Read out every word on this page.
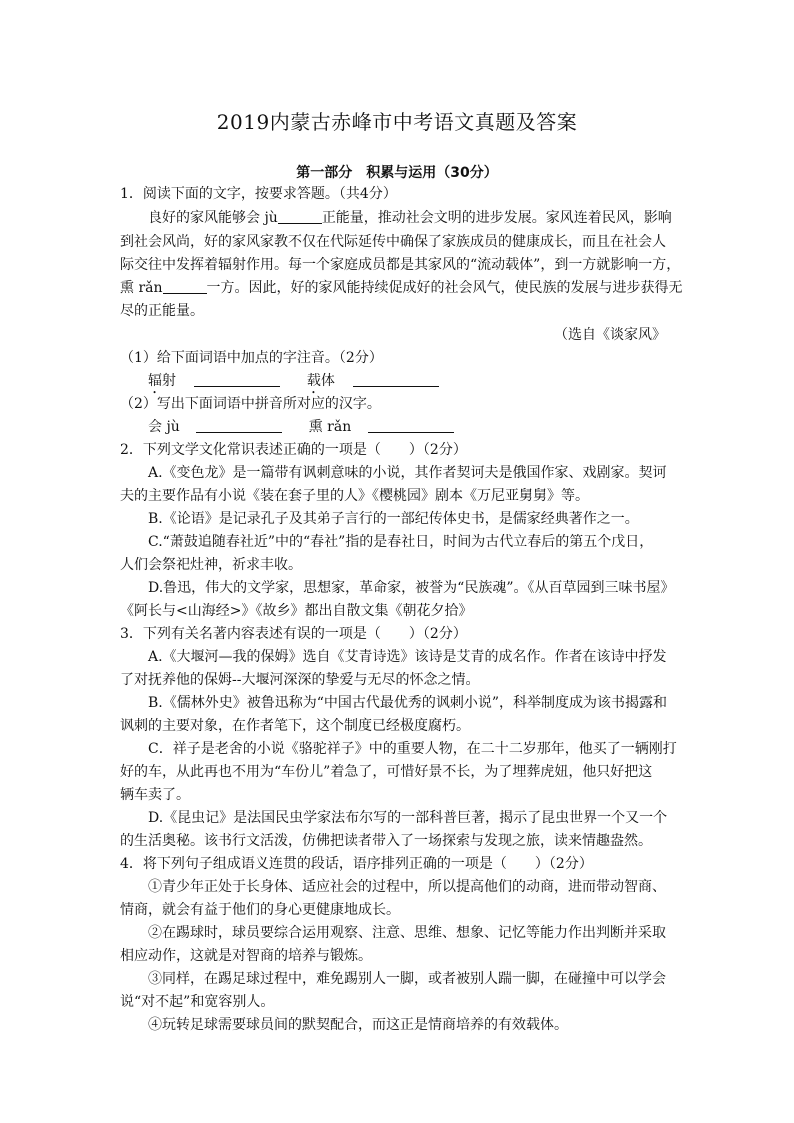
2019内蒙古赤峰市中考语文真题及答案
第一部分　积累与运用（30分）
1．阅读下面的文字，按要求答题。（共4分）
良好的家风能够会 jù	正能量，推动社会文明的进步发展。家风连着民风，影响
到社会风尚，好的家风家教不仅在代际延传中确保了家族成员的健康成长，而且在社会人
际交往中发挥着辐射作用。每一个家庭成员都是其家风的“流动载体”，到一方就影响一方，
熏 rǎn	一方。因此，好的家风能持续促成好的社会风气，使民族的发展与进步获得无
尽的正能量。
（选自《谈家风》
（1）给下面词语中加点的字注音。（2分）
辐射	载体
（2）写出下面词语中拼音所对应的汉字。
会 jù	熏 rǎn
2．下列文学文化常识表述正确的一项是（　　）（2分）
A.《变色龙》是一篇带有讽刺意味的小说，其作者契诃夫是俄国作家、戏剧家。契诃
夫的主要作品有小说《装在套子里的人》《樱桃园》剧本《万尼亚舅舅》等。
B.《论语》是记录孔子及其弟子言行的一部纪传体史书，是儒家经典著作之一。
C.“萧鼓追随春社近”中的“春社”指的是春社日，时间为古代立春后的第五个戊日，
人们会祭祀灶神，祈求丰收。
D.鲁迅，伟大的文学家，思想家，革命家，被誉为“民族魂”。《从百草园到三味书屋》
《阿长与<山海经>》《故乡》都出自散文集《朝花夕拾》
3．下列有关名著内容表述有误的一项是（　　）（2分）
A.《大堰河—我的保姆》选自《艾青诗选》该诗是艾青的成名作。作者在该诗中抒发
了对抚养他的保姆--大堰河深深的挚爱与无尽的怀念之情。
B.《儒林外史》被鲁迅称为“中国古代最优秀的讽刺小说”，科举制度成为该书揭露和
讽刺的主要对象，在作者笔下，这个制度已经极度腐朽。
C．祥子是老舍的小说《骆驼祥子》中的重要人物，在二十二岁那年，他买了一辆刚打
好的车，从此再也不用为“车份儿”着急了，可惜好景不长，为了埋葬虎妞，他只好把这
辆车卖了。
D.《昆虫记》是法国民虫学家法布尔写的一部科普巨著，揭示了昆虫世界一个又一个
的生活奥秘。该书行文活泼，仿佛把读者带入了一场探索与发现之旅，读来情趣盎然。
4．将下列句子组成语义连贯的段话，语序排列正确的一项是（　　）（2分）
①青少年正处于长身体、适应社会的过程中，所以提高他们的动商，进而带动智商、
情商，就会有益于他们的身心更健康地成长。
②在踢球时，球员要综合运用观察、注意、思维、想象、记忆等能力作出判断并采取
相应动作，这就是对智商的培养与锻炼。
③同样，在踢足球过程中，难免踢别人一脚，或者被别人踹一脚，在碰撞中可以学会
说“对不起”和宽容别人。
④玩转足球需要球员间的默契配合，而这正是情商培养的有效载体。
